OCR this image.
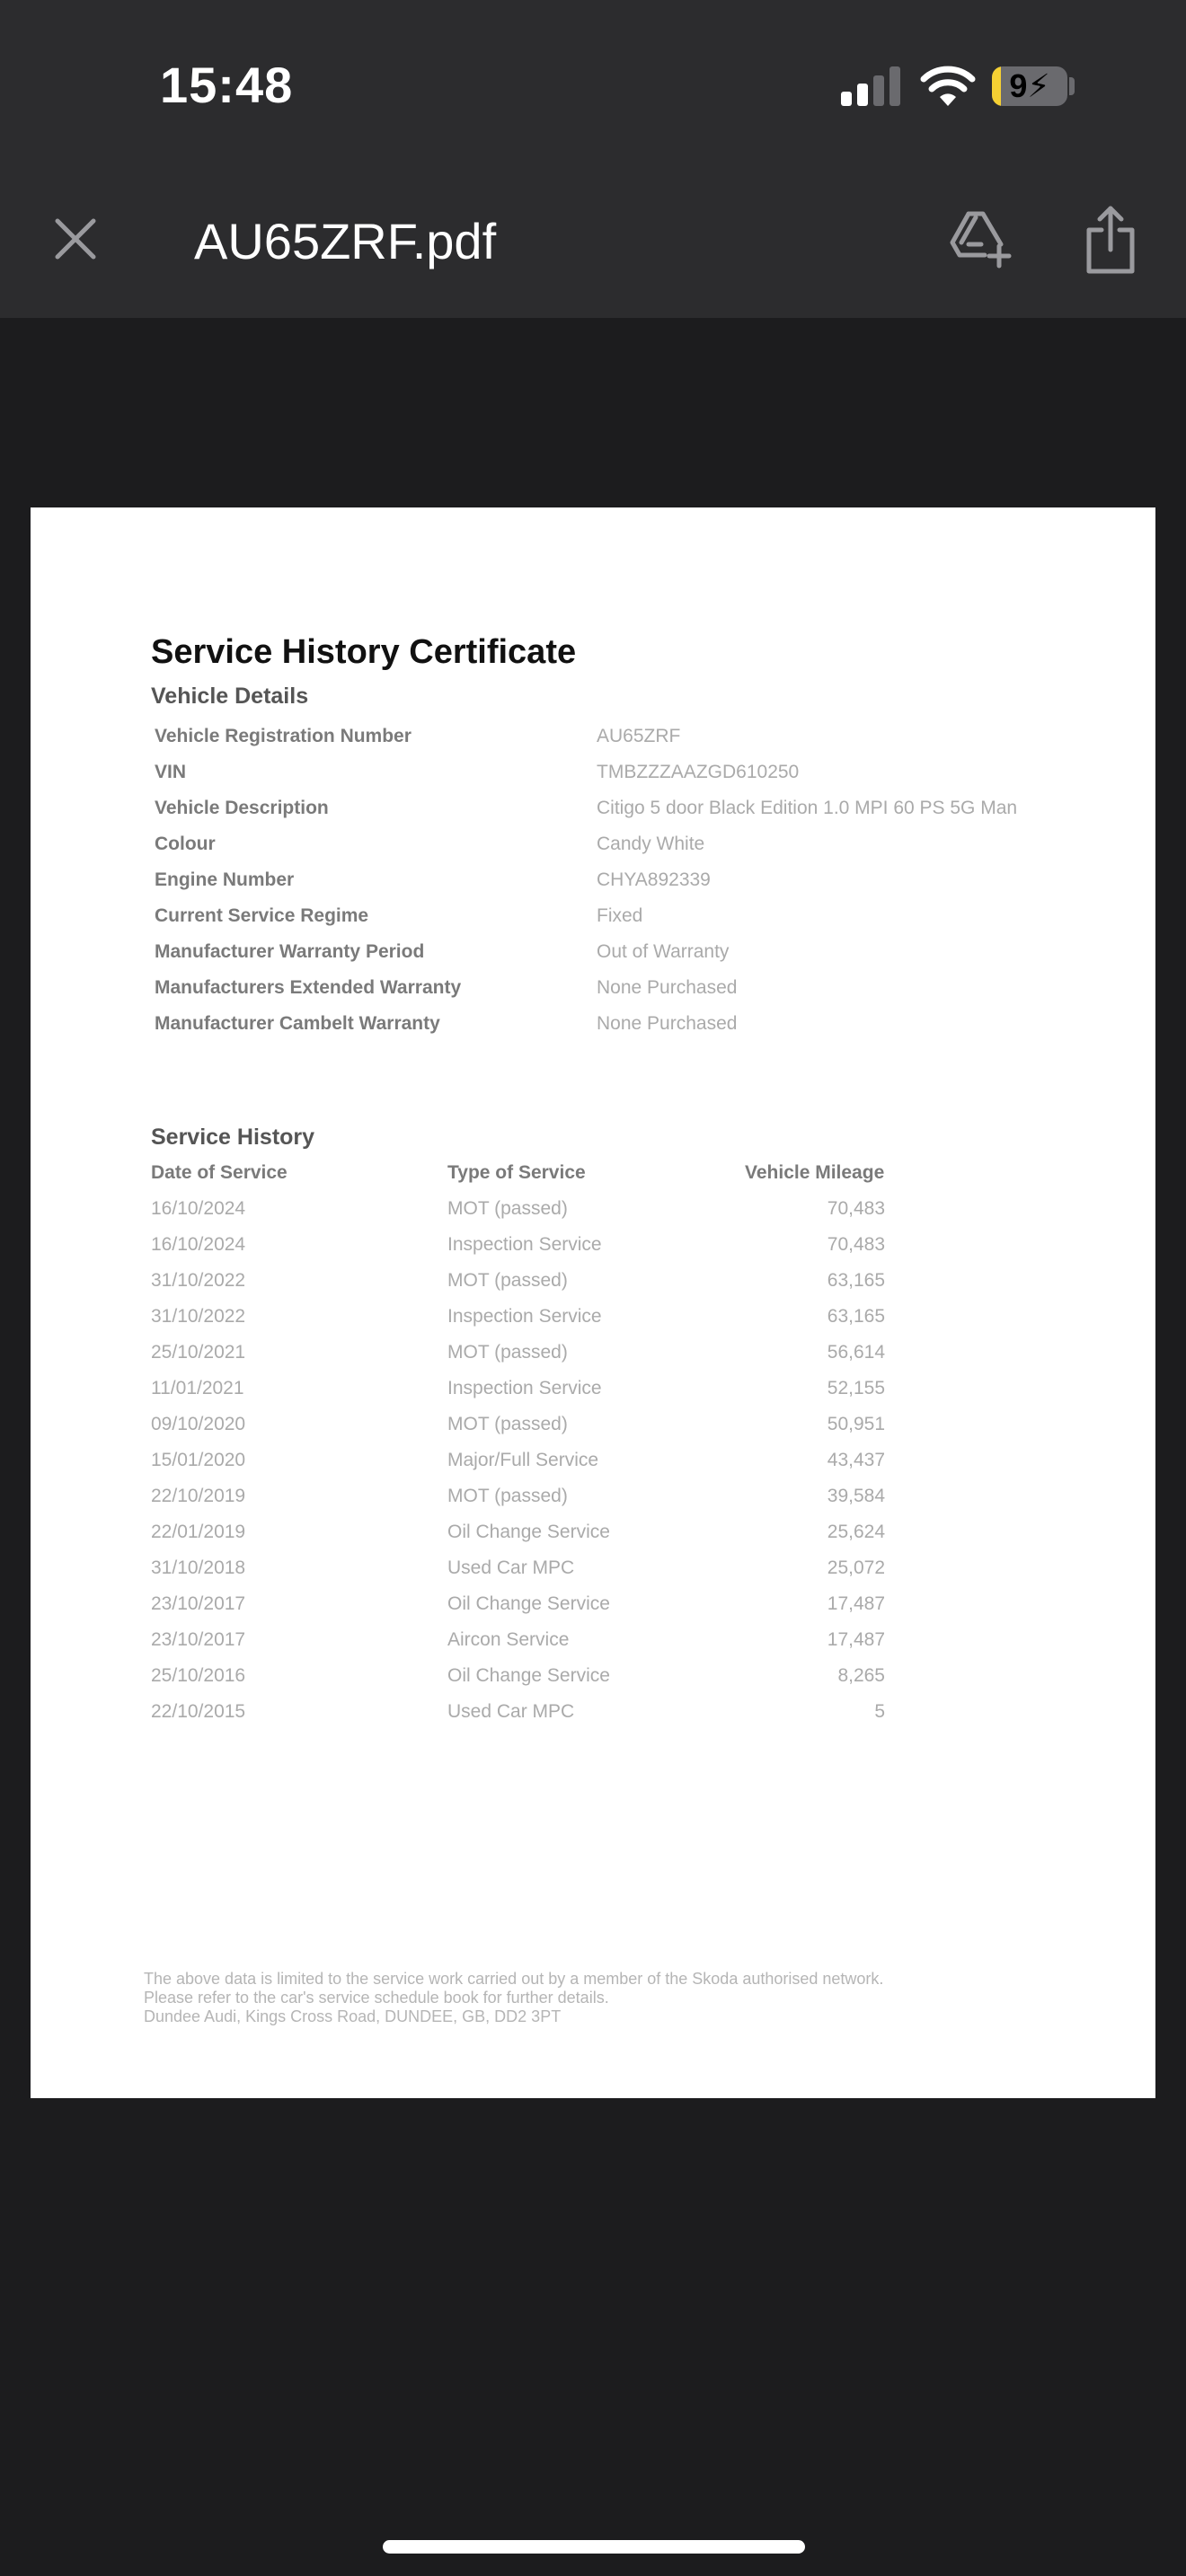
15:48	9 ⚡
AU65ZRF.pdf
Service History Certificate
Vehicle Details
Vehicle Registration Number	AU65ZRF
VIN	TMBZZZAAZGD610250
Vehicle Description	Citigo 5 door Black Edition 1.0 MPI 60 PS 5G Man
Colour	Candy White
Engine Number	CHYA892339
Current Service Regime	Fixed
Manufacturer Warranty Period	Out of Warranty
Manufacturers Extended Warranty	None Purchased
Manufacturer Cambelt Warranty	None Purchased
Service History
Date of Service	Type of Service	Vehicle Mileage
16/10/2024	MOT (passed)	70,483
16/10/2024	Inspection Service	70,483
31/10/2022	MOT (passed)	63,165
31/10/2022	Inspection Service	63,165
25/10/2021	MOT (passed)	56,614
11/01/2021	Inspection Service	52,155
09/10/2020	MOT (passed)	50,951
15/01/2020	Major/Full Service	43,437
22/10/2019	MOT (passed)	39,584
22/01/2019	Oil Change Service	25,624
31/10/2018	Used Car MPC	25,072
23/10/2017	Oil Change Service	17,487
23/10/2017	Aircon Service	17,487
25/10/2016	Oil Change Service	8,265
22/10/2015	Used Car MPC	5
The above data is limited to the service work carried out by a member of the Skoda authorised network.
Please refer to the car's service schedule book for further details.
Dundee Audi, Kings Cross Road, DUNDEE, GB, DD2 3PT
